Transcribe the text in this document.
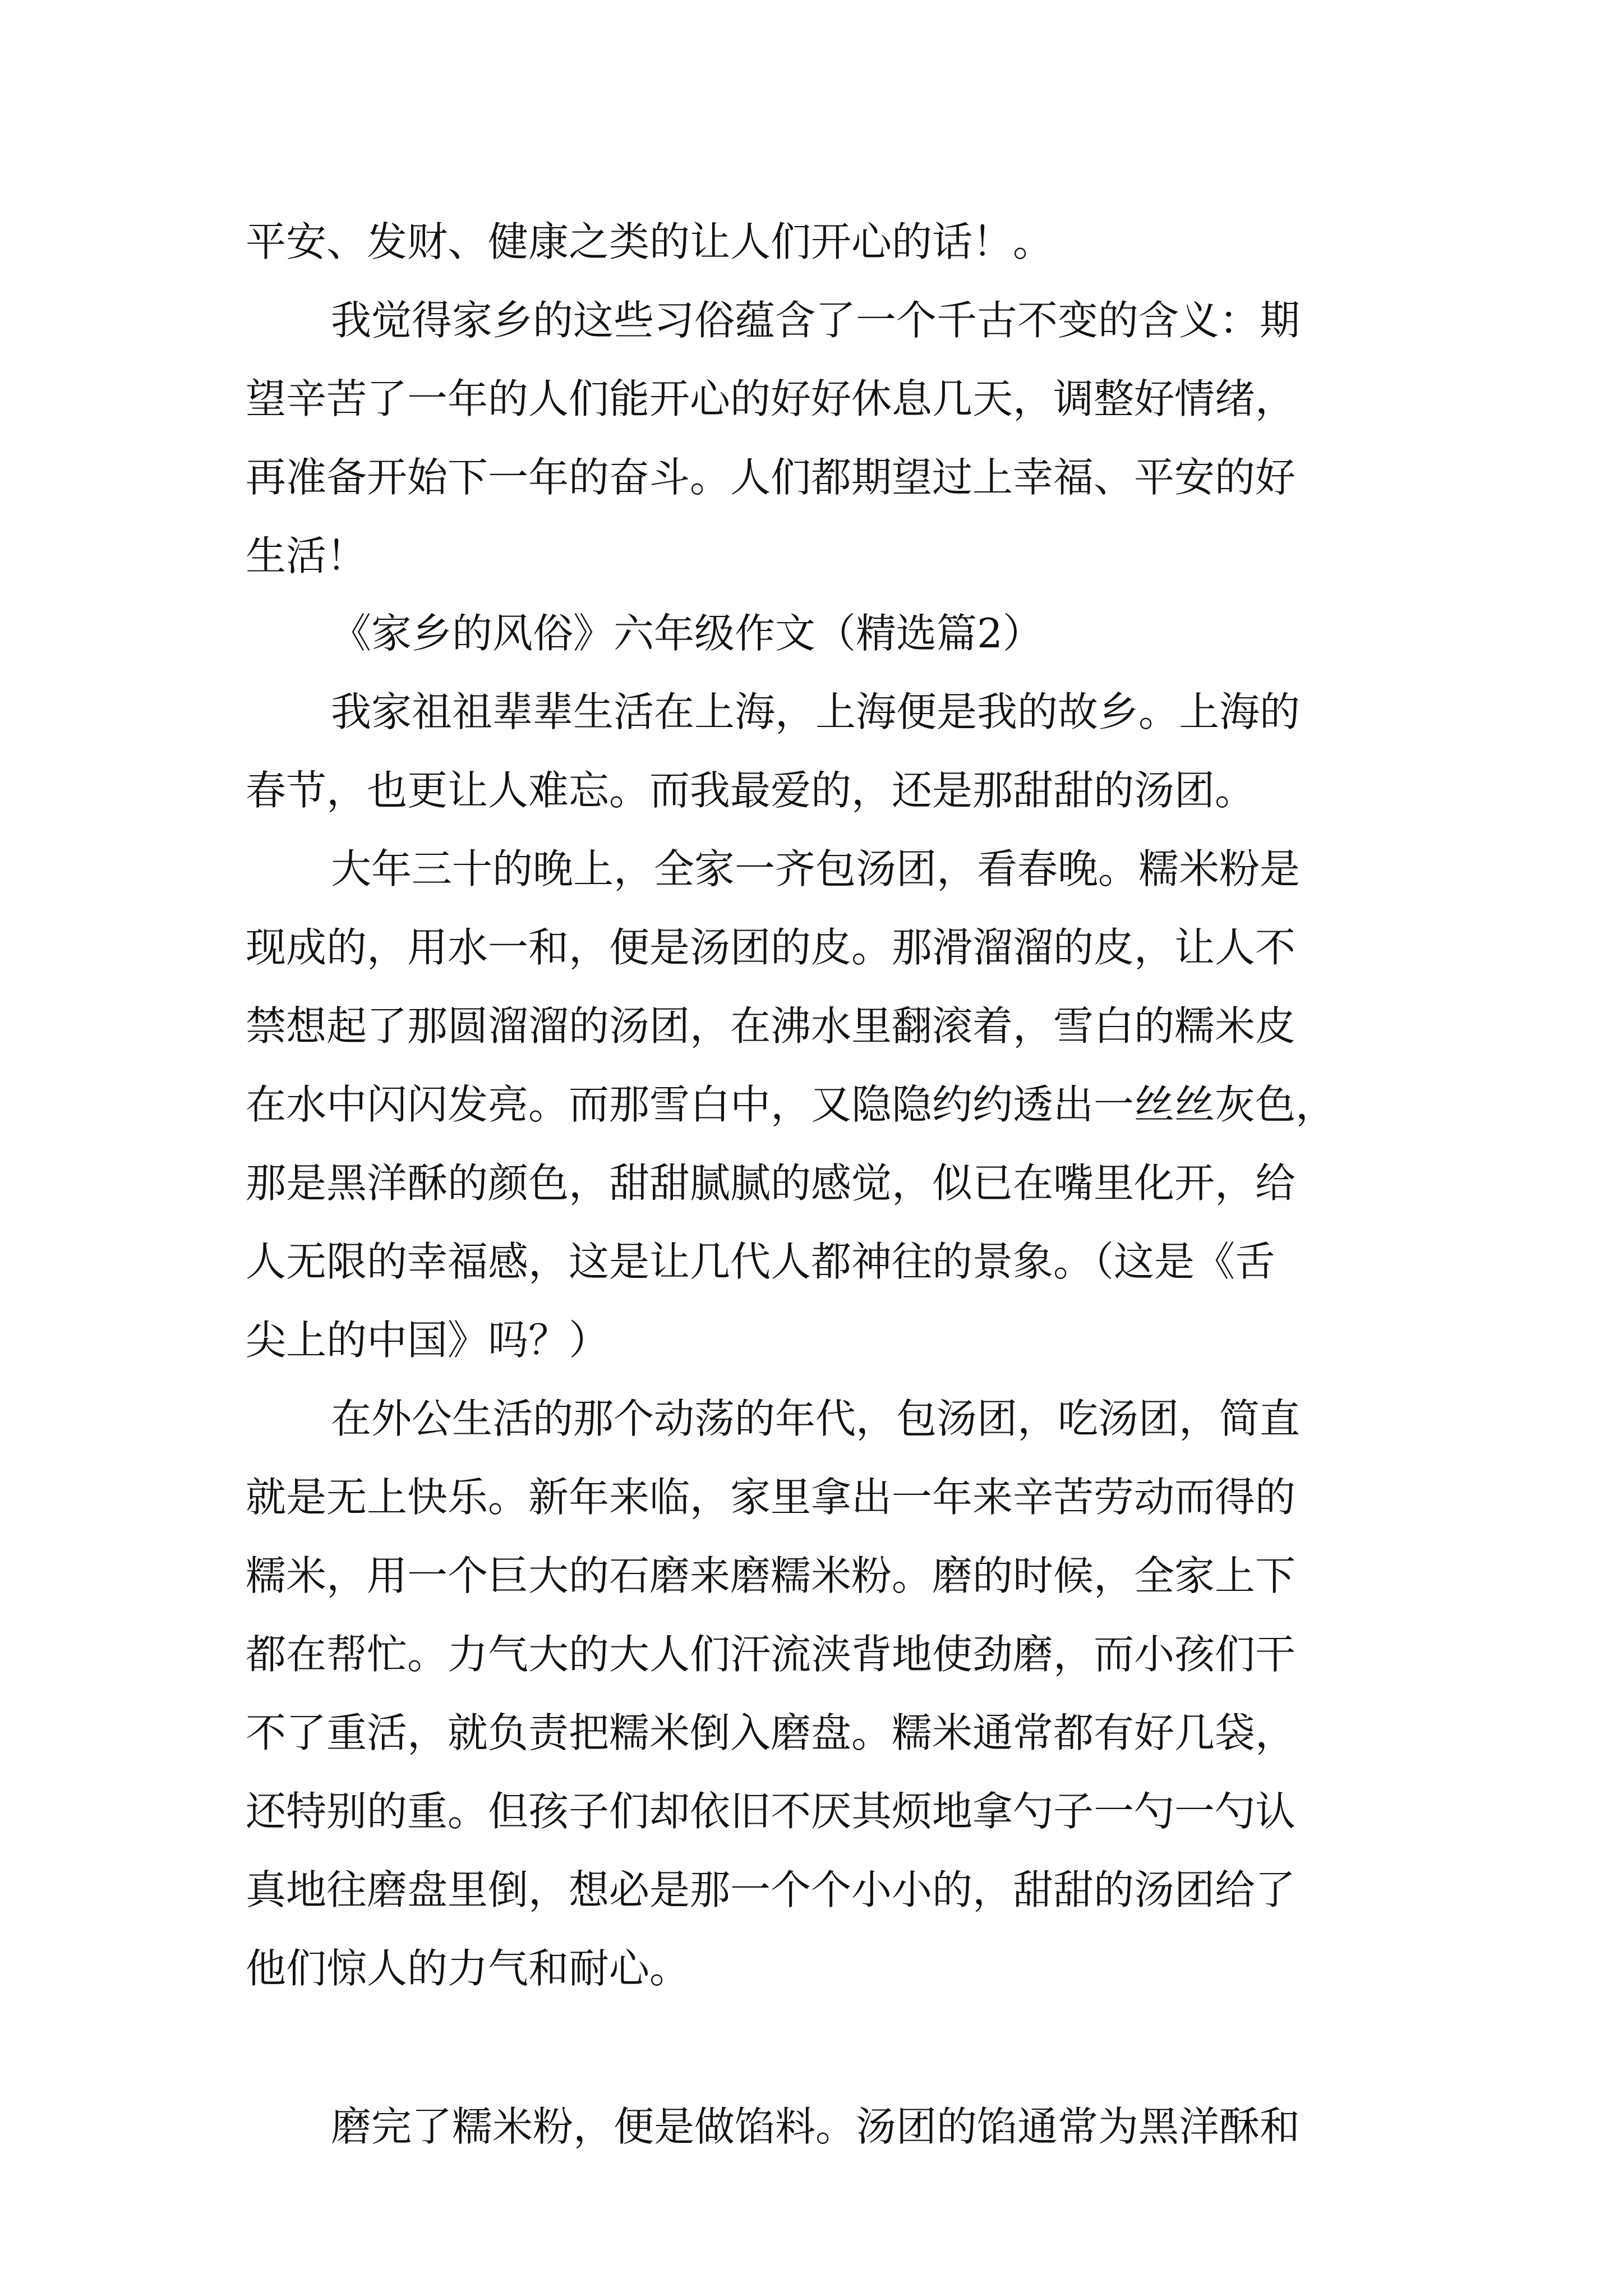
平安、发财、健康之类的让人们开心的话！。

我觉得家乡的这些习俗蕴含了一个千古不变的含义：期

望辛苦了一年的人们能开心的好好休息几天，调整好情绪，

再准备开始下一年的奋斗。人们都期望过上幸福、平安的好

生活！

《家乡的风俗》六年级作文（精选篇2）

我家祖祖辈辈生活在上海，上海便是我的故乡。上海的

春节，也更让人难忘。而我最爱的，还是那甜甜的汤团。

大年三十的晚上，全家一齐包汤团，看春晚。糯米粉是

现成的，用水一和，便是汤团的皮。那滑溜溜的皮，让人不

禁想起了那圆溜溜的汤团，在沸水里翻滚着，雪白的糯米皮

在水中闪闪发亮。而那雪白中，又隐隐约约透出一丝丝灰色，

那是黑洋酥的颜色，甜甜腻腻的感觉，似已在嘴里化开，给

人无限的幸福感，这是让几代人都神往的景象。（这是《舌

尖上的中国》吗？）

在外公生活的那个动荡的年代，包汤团，吃汤团，简直

就是无上快乐。新年来临，家里拿出一年来辛苦劳动而得的

糯米，用一个巨大的石磨来磨糯米粉。磨的时候，全家上下

都在帮忙。力气大的大人们汗流浃背地使劲磨，而小孩们干

不了重活，就负责把糯米倒入磨盘。糯米通常都有好几袋，

还特别的重。但孩子们却依旧不厌其烦地拿勺子一勺一勺认

真地往磨盘里倒，想必是那一个个小小的，甜甜的汤团给了

他们惊人的力气和耐心。

磨完了糯米粉，便是做馅料。汤团的馅通常为黑洋酥和
